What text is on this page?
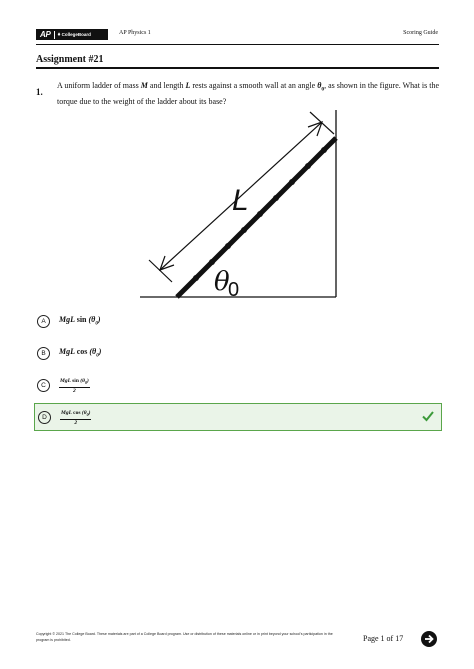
AP	♦ CollegeBoard	AP Physics 1	Scoring Guide
Assignment #21
1.
A uniform ladder of mass M and length L rests against a smooth wall at an angle $\theta_0$, as shown in the figure. What is the torque due to the weight of the ladder about its base?
L
θ
0
A	MgL $\sin (\theta_0)$
B	MgL $\cos (\theta_0)$
C	$\frac{MgL \sin (\theta_0)}{2}$
D	$\frac{MgL \cos (\theta_0)}{2}$
Copyright © 2021 The College Board. These materials are part of a College Board program. Use or distribution of these materials online or in print beyond your school’s participation in the program is prohibited.	Page 1 of 17
